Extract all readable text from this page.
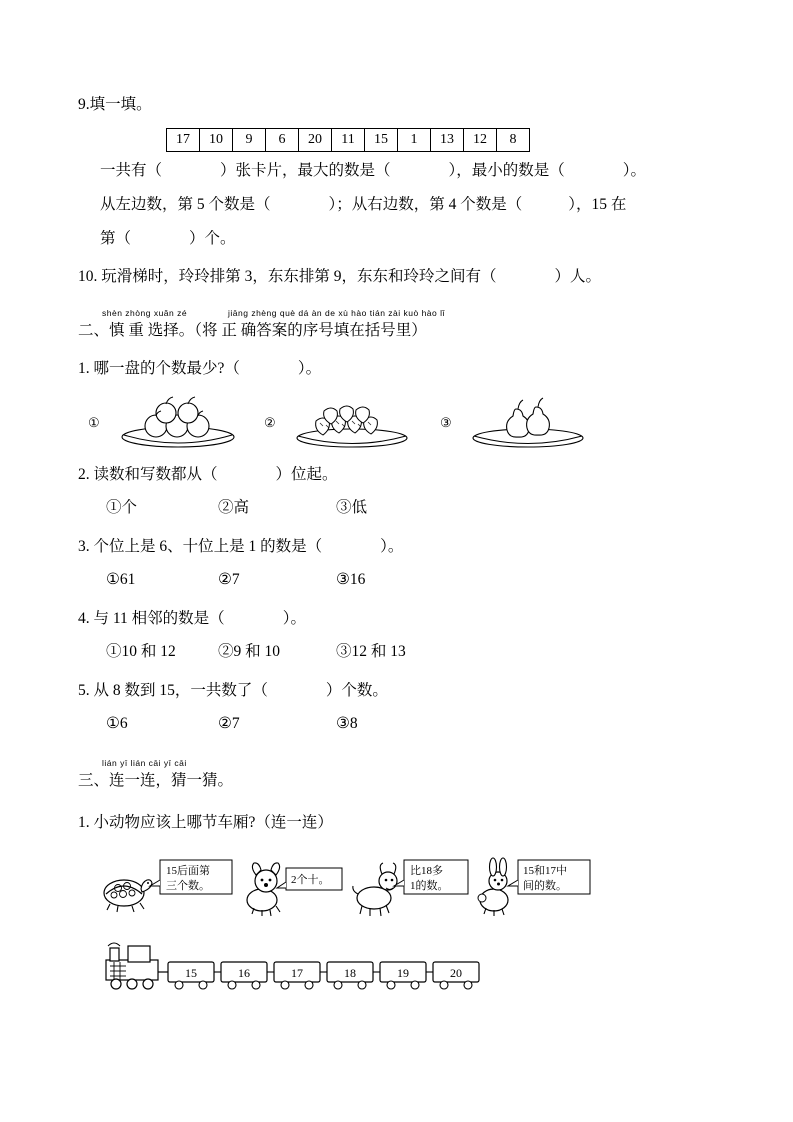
9.填一填。
17	10	9	6	20	11	15	1	13	12	8
一共有（	）张卡片，最大的数是（	），最小的数是（	）。
从左边数，第 5 个数是（	）；从右边数，第 4 个数是（	），15 在
第（	）个。
10. 玩滑梯时，玲玲排第 3，东东排第 9，东东和玲玲之间有（	）人。
shèn zhòng xuǎn zé	jiāng zhèng què dá àn de xù hào tián zài kuò hào lǐ
二、慎 重 选择。（将 正 确答案的序号填在括号里）
1. 哪一盘的个数最少?（	）。
①	②	③
2. 读数和写数都从（	）位起。
①个	②高	③低
3. 个位上是 6、十位上是 1 的数是（	）。
①61	②7	③16
4. 与 11 相邻的数是（	）。
①10 和 12	②9 和 10	③12 和 13
5. 从 8 数到 15，一共数了（	）个数。
①6	②7	③8
lián yī lián cāi yī cāi
三、连一连，猜一猜。
1. 小动物应该上哪节车厢?（连一连）
15后面第
三个数。	2个十。
比18多
1的数。
15和17中
间的数。
15	16	17	18	19	20
